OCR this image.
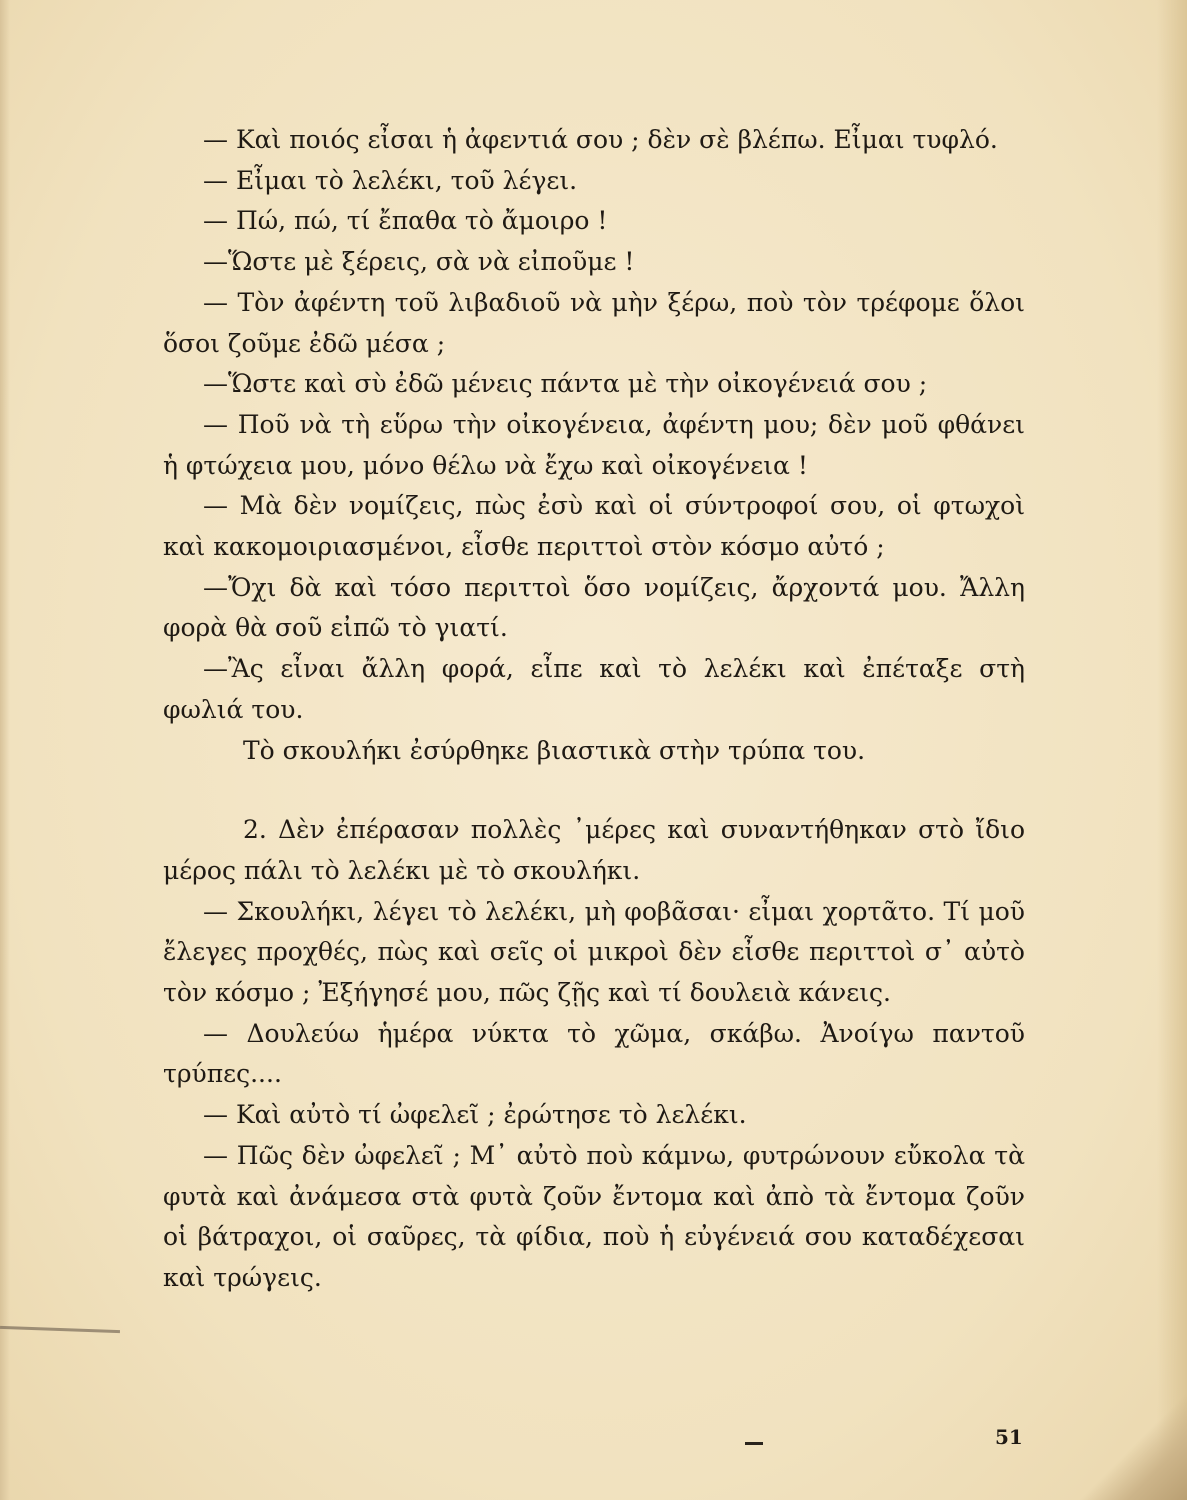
— Καὶ ποιός εἶσαι ἡ ἀφεντιά σου ; δὲν σὲ βλέπω. Εἶμαι τυφλό.

— Εἶμαι τὸ λελέκι, τοῦ λέγει.

— Πώ, πώ, τί ἔπαθα τὸ ἄμοιρο !

—Ὥστε μὲ ξέρεις, σὰ νὰ εἰποῦμε !

— Τὸν ἀφέντη τοῦ λιβαδιοῦ νὰ μὴν ξέρω, ποὺ τὸν τρέφομε ὅλοι ὅσοι ζοῦμε ἐδῶ μέσα ;

—Ὥστε καὶ σὺ ἐδῶ μένεις πάντα μὲ τὴν οἰκογένειά σου ;

— Ποῦ νὰ τὴ εὕρω τὴν οἰκογένεια, ἀφέντη μου; δὲν μοῦ φθάνει ἡ φτώχεια μου, μόνο θέλω νὰ ἔχω καὶ οἰκογένεια !

— Μὰ δὲν νομίζεις, πὼς ἐσὺ καὶ οἱ σύντροφοί σου, οἱ φτωχοὶ καὶ κακομοιριασμένοι, εἶσθε περιττοὶ στὸν κόσμο αὐτό ;

—Ὄχι δὰ καὶ τόσο περιττοὶ ὅσο νομίζεις, ἄρχοντά μου. Ἄλλη φορὰ θὰ σοῦ εἰπῶ τὸ γιατί.

—Ἂς εἶναι ἄλλη φορά, εἶπε καὶ τὸ λελέκι καὶ ἐπέταξε στὴ φωλιά του.

Τὸ σκουλήκι ἐσύρθηκε βιαστικὰ στὴν τρύπα του.

2. Δὲν ἐπέρασαν πολλὲς ᾽μέρες καὶ συναντήθηκαν στὸ ἴδιο μέρος πάλι τὸ λελέκι μὲ τὸ σκουλήκι.

— Σκουλήκι, λέγει τὸ λελέκι, μὴ φοβᾶσαι· εἶμαι χορτᾶτο. Τί μοῦ ἔλεγες προχθές, πὼς καὶ σεῖς οἱ μικροὶ δὲν εἶσθε περιττοὶ σ᾽ αὐτὸ τὸν κόσμο ; Ἐξήγησέ μου, πῶς ζῇς καὶ τί δουλειὰ κάνεις.

— Δουλεύω ἡμέρα νύκτα τὸ χῶμα, σκάβω. Ἀνοίγω παντοῦ τρύπες....

— Καὶ αὐτὸ τί ὠφελεῖ ; ἐρώτησε τὸ λελέκι.

— Πῶς δὲν ὠφελεῖ ; Μ᾽ αὐτὸ ποὺ κάμνω, φυτρώνουν εὔκολα τὰ φυτὰ καὶ ἀνάμεσα στὰ φυτὰ ζοῦν ἔντομα καὶ ἀπὸ τὰ ἔντομα ζοῦν οἱ βάτραχοι, οἱ σαῦρες, τὰ φίδια, ποὺ ἡ εὐγένειά σου καταδέχεσαι καὶ τρώγεις.

51
